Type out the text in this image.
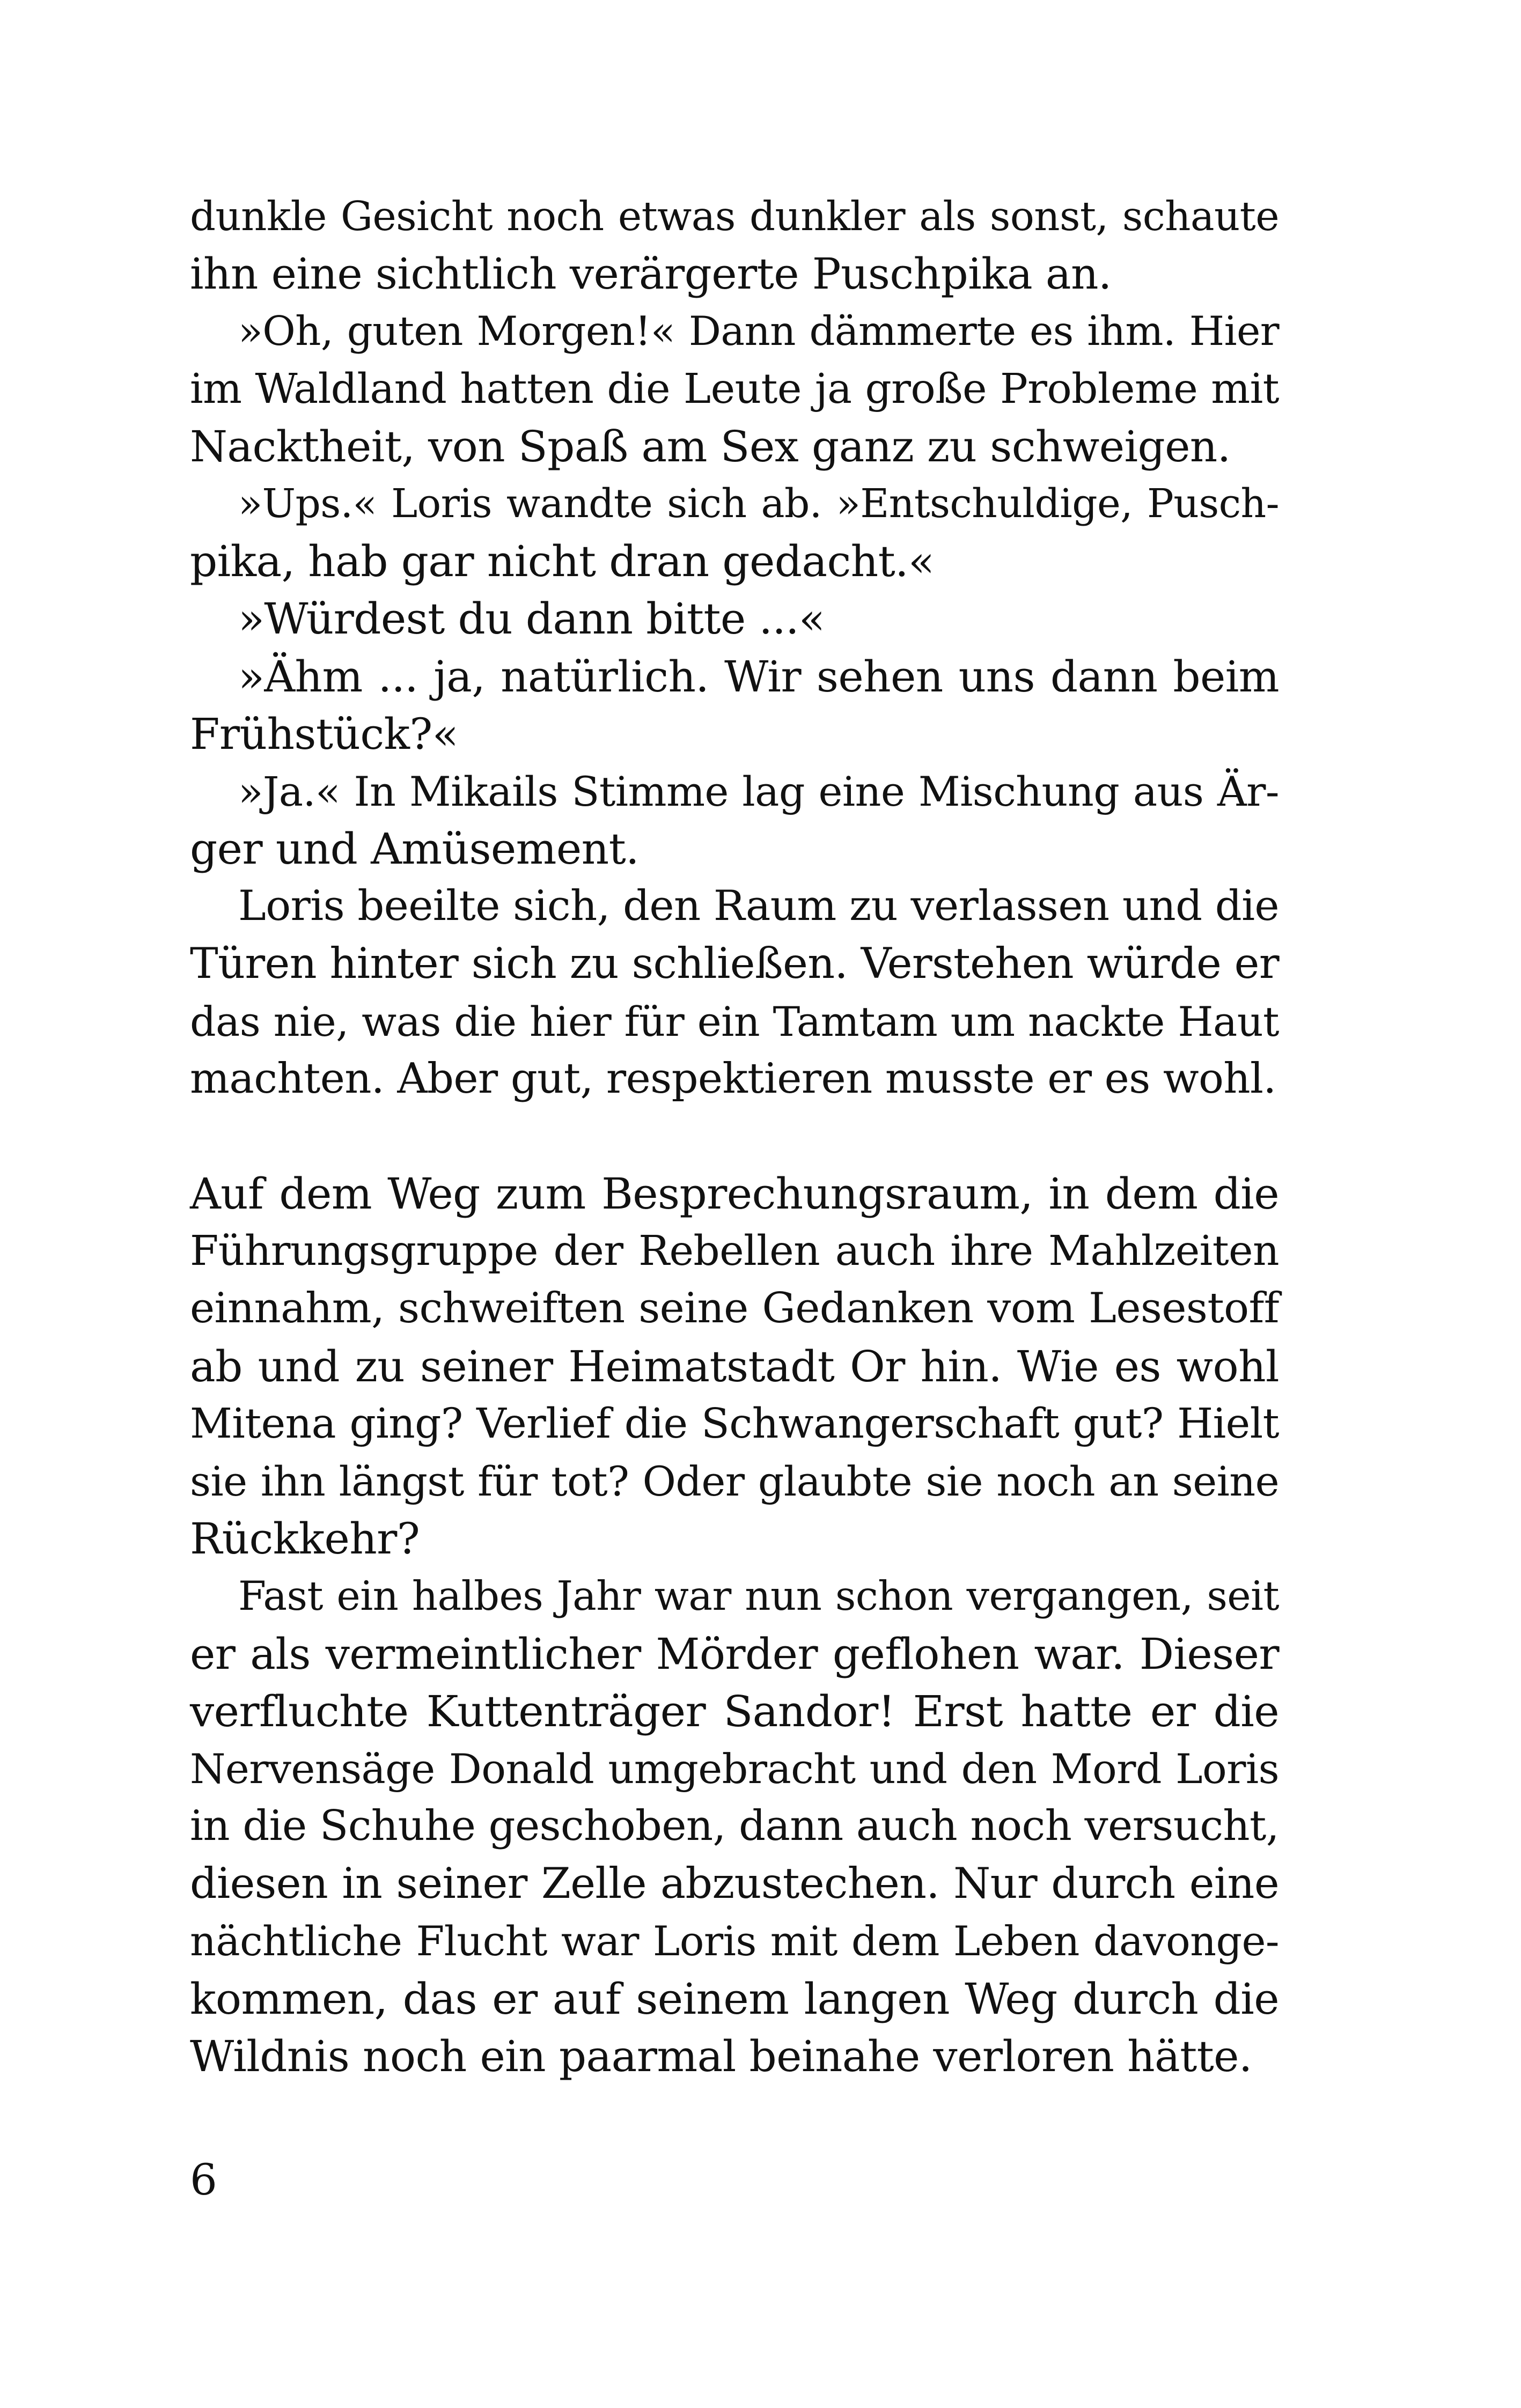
dunkle Gesicht noch etwas dunkler als sonst, schaute
ihn eine sichtlich verärgerte Puschpika an.
»Oh, guten Morgen!« Dann dämmerte es ihm. Hier
im Waldland hatten die Leute ja große Probleme mit
Nacktheit, von Spaß am Sex ganz zu schweigen.
»Ups.« Loris wandte sich ab. »Entschuldige, Pusch-
pika, hab gar nicht dran gedacht.«
»Würdest du dann bitte ...«
»Ähm ... ja, natürlich. Wir sehen uns dann beim
Frühstück?«
»Ja.« In Mikails Stimme lag eine Mischung aus Är-
ger und Amüsement.
Loris beeilte sich, den Raum zu verlassen und die
Türen hinter sich zu schließen. Verstehen würde er
das nie, was die hier für ein Tamtam um nackte Haut
machten. Aber gut, respektieren musste er es wohl.
Auf dem Weg zum Besprechungsraum, in dem die
Führungsgruppe der Rebellen auch ihre Mahlzeiten
einnahm, schweiften seine Gedanken vom Lesestoff
ab und zu seiner Heimatstadt Or hin. Wie es wohl
Mitena ging? Verlief die Schwangerschaft gut? Hielt
sie ihn längst für tot? Oder glaubte sie noch an seine
Rückkehr?
Fast ein halbes Jahr war nun schon vergangen, seit
er als vermeintlicher Mörder geflohen war. Dieser
verfluchte Kuttenträger Sandor! Erst hatte er die
Nervensäge Donald umgebracht und den Mord Loris
in die Schuhe geschoben, dann auch noch versucht,
diesen in seiner Zelle abzustechen. Nur durch eine
nächtliche Flucht war Loris mit dem Leben davonge-
kommen, das er auf seinem langen Weg durch die
Wildnis noch ein paarmal beinahe verloren hätte.
6
